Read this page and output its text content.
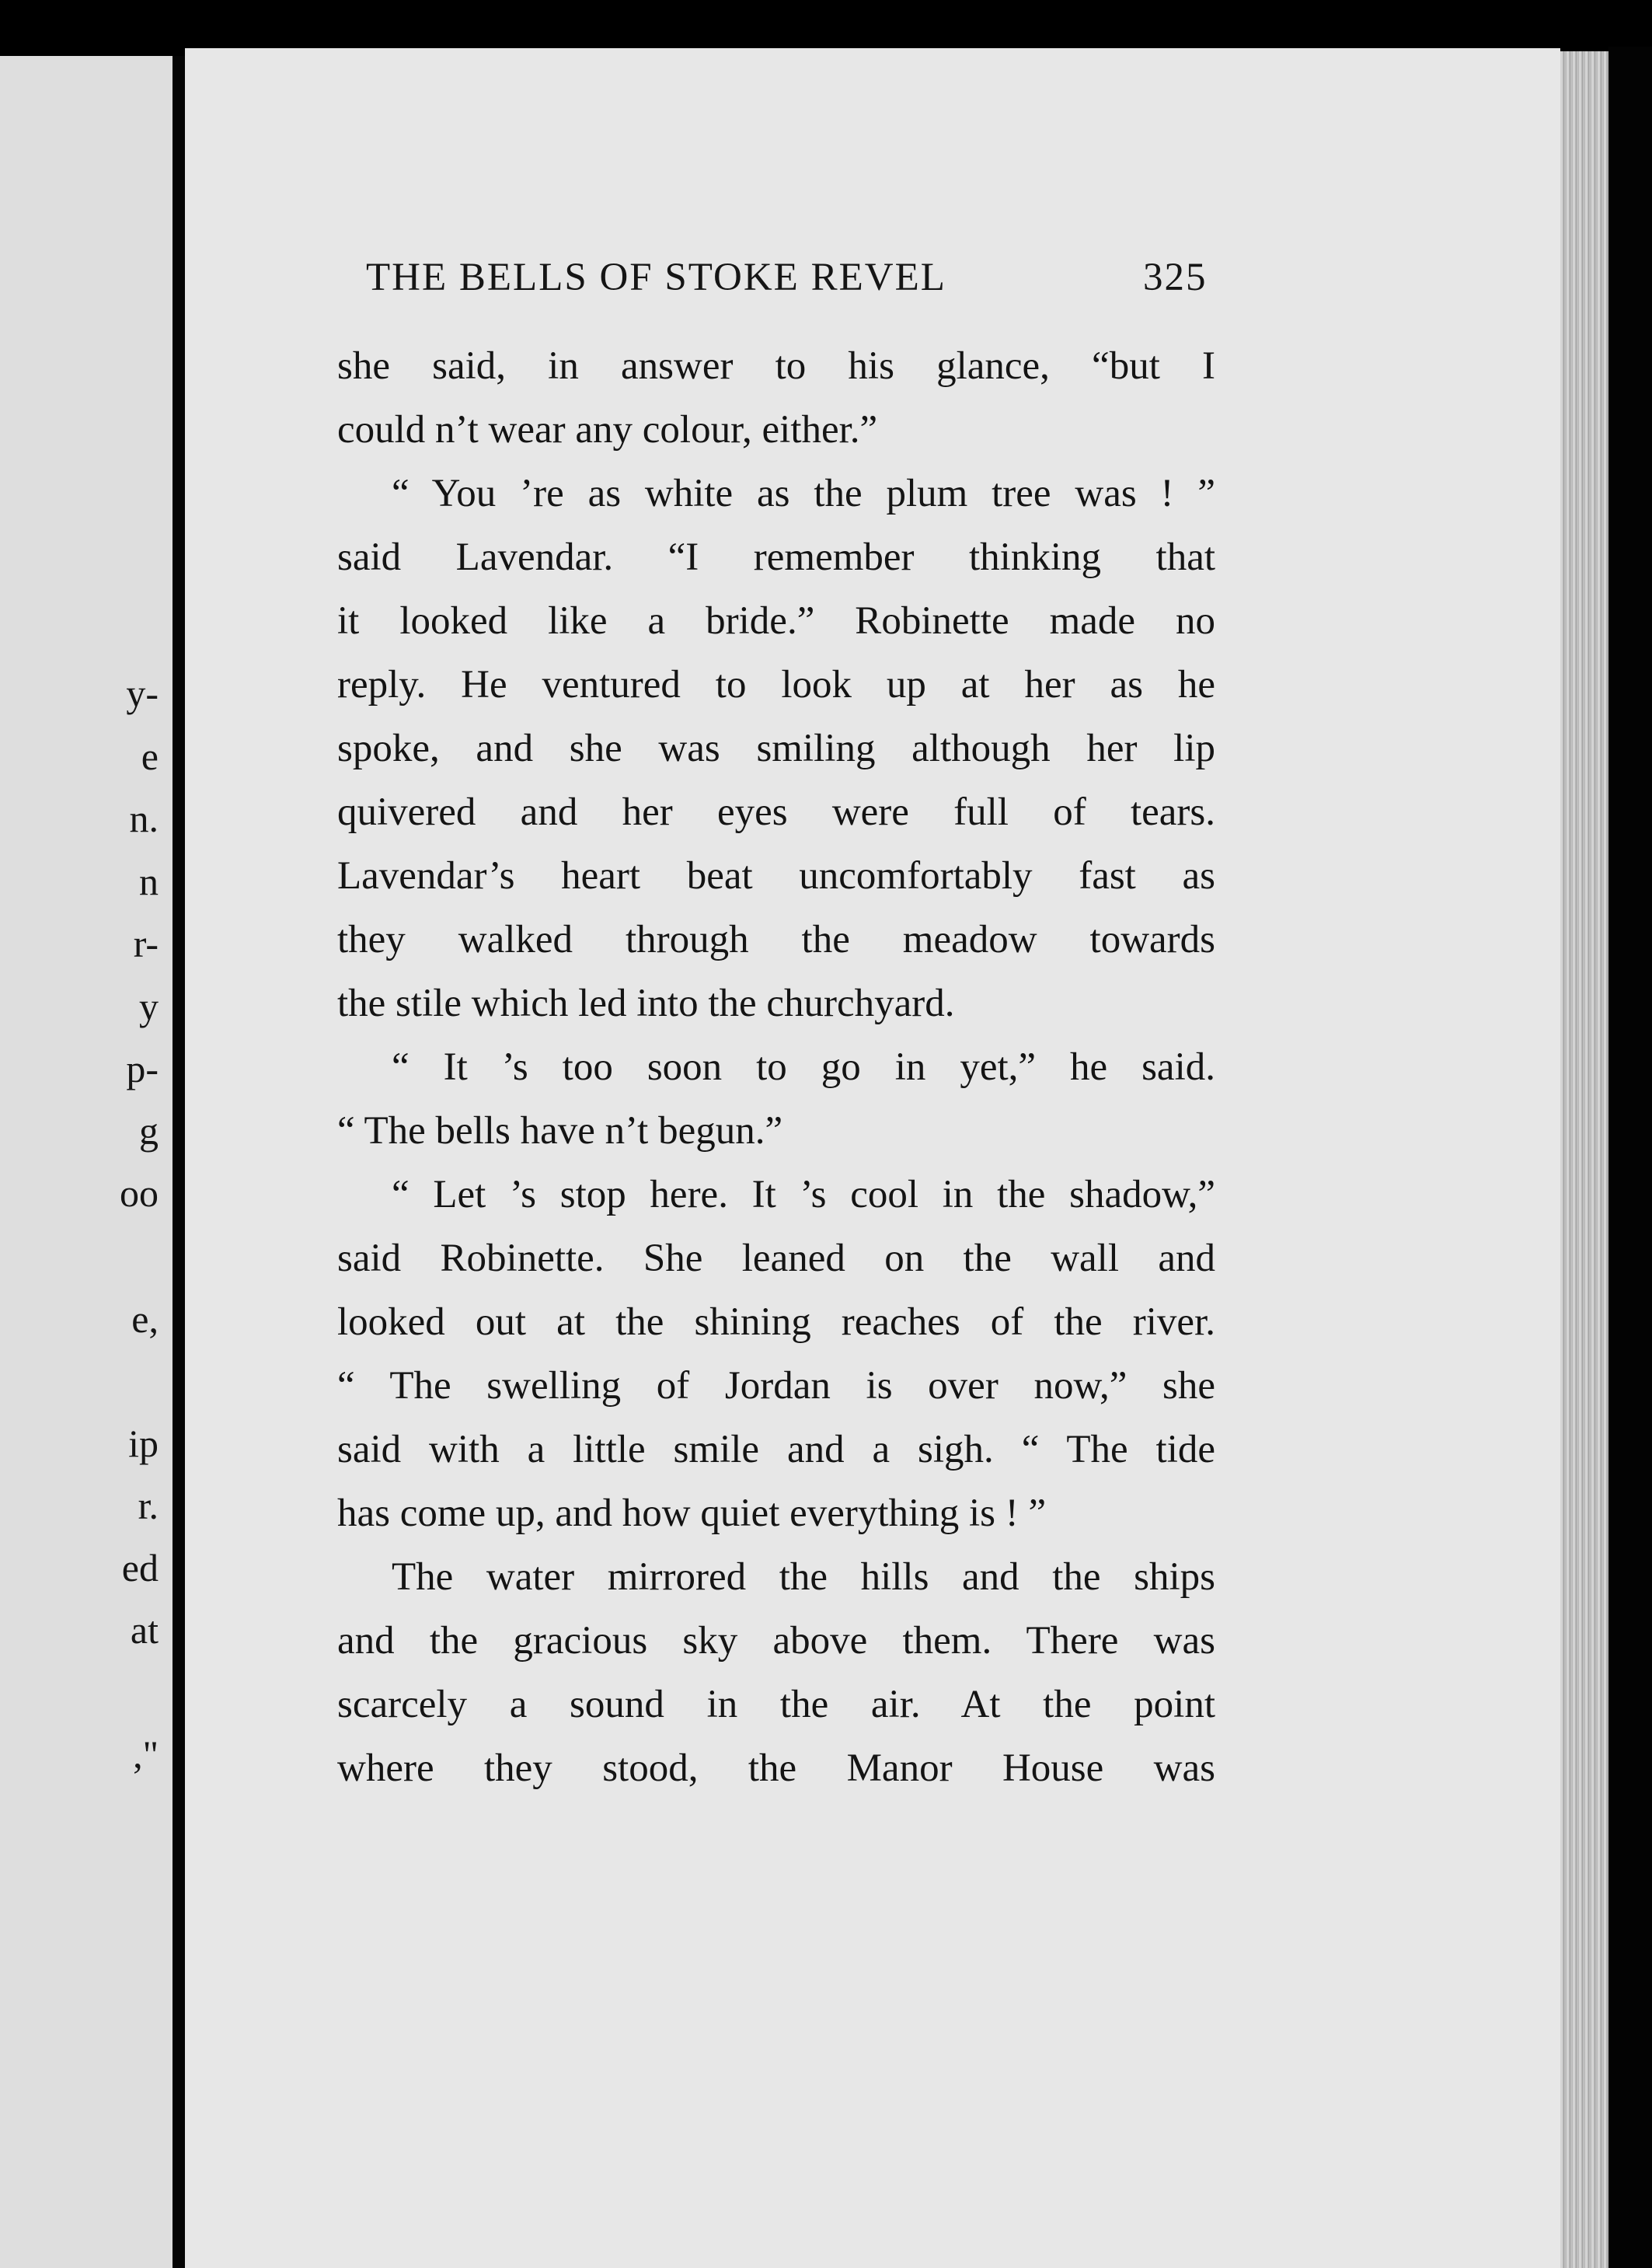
y-
e
n.
n
r-
y
p-
g
oo
e,
ip
r.
ed
at
,"
THE BELLS OF STOKE REVEL	325
she said, in answer to his glance, “but I
could n’t wear any colour, either.”
“ You ’re as white as the plum tree was ! ”
said Lavendar. “I remember thinking that
it looked like a bride.” Robinette made no
reply. He ventured to look up at her as he
spoke, and she was smiling although her lip
quivered and her eyes were full of tears.
Lavendar’s heart beat uncomfortably fast as
they walked through the meadow towards
the stile which led into the churchyard.
“ It ’s too soon to go in yet,” he said.
“ The bells have n’t begun.”
“ Let ’s stop here. It ’s cool in the shadow,”
said Robinette. She leaned on the wall and
looked out at the shining reaches of the river.
“ The swelling of Jordan is over now,” she
said with a little smile and a sigh. “ The tide
has come up, and how quiet everything is ! ”
The water mirrored the hills and the ships
and the gracious sky above them. There was
scarcely a sound in the air. At the point
where they stood, the Manor House was
